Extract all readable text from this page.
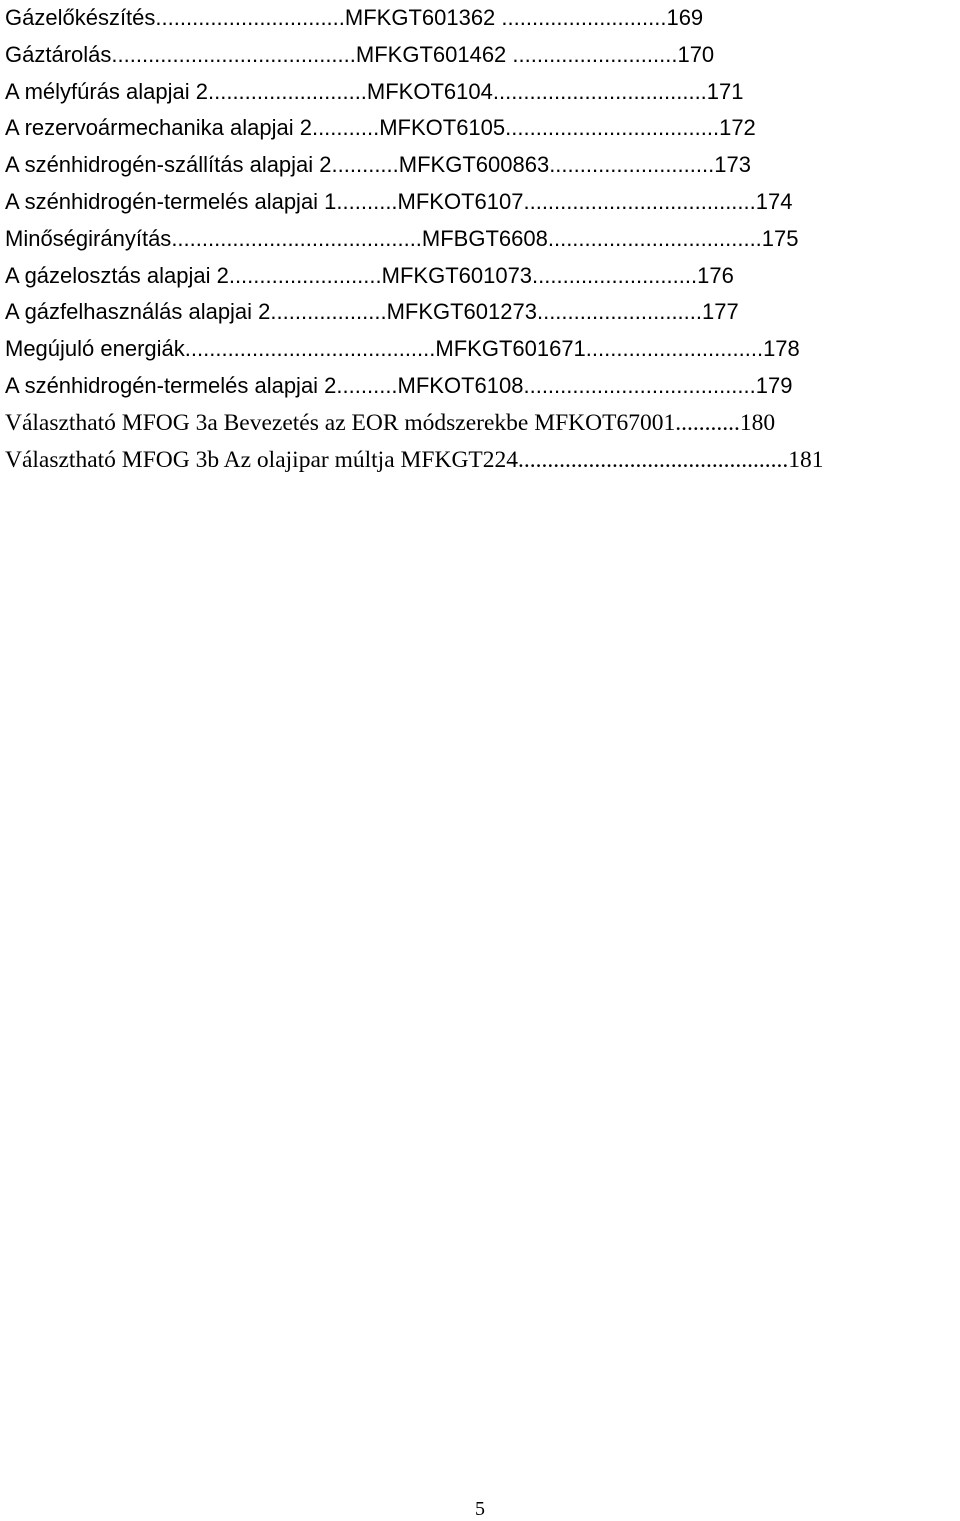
Gázelőkészítés...............................MFKGT601362 ...........................169
Gáztárolás........................................MFKGT601462 ...........................170
A mélyfúrás alapjai 2..........................MFKOT6104...................................171
A rezervoármechanika alapjai 2...........MFKOT6105...................................172
A szénhidrogén-szállítás alapjai 2...........MFKGT600863...........................173
A szénhidrogén-termelés alapjai 1..........MFKOT6107......................................174
Minőségirányítás.........................................MFBGT6608...................................175
A gázelosztás alapjai 2.........................MFKGT601073...........................176
A gázfelhasználás alapjai 2...................MFKGT601273...........................177
Megújuló energiák.........................................MFKGT601671.............................178
A szénhidrogén-termelés alapjai 2..........MFKOT6108......................................179
Választható MFOG 3a Bevezetés az EOR módszerekbe MFKOT67001...........180
Választható MFOG 3b Az olajipar múltja MFKGT224..............................................181
5
